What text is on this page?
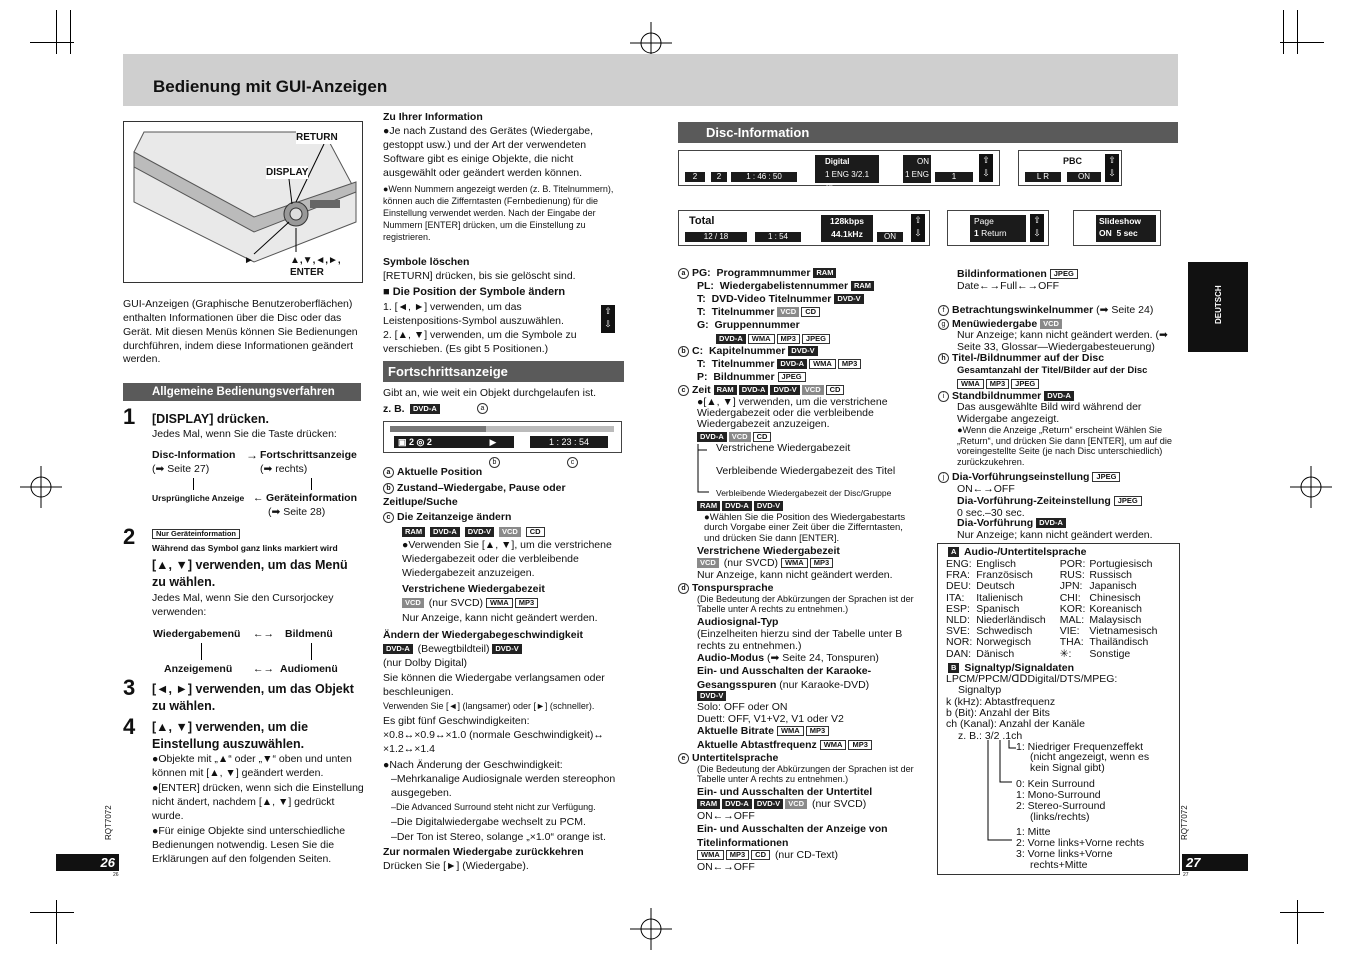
Bedienung mit GUI-Anzeigen
RETURN
DISPLAY
►	▲,▼,◄,►,
ENTER

GUI-Anzeigen (Graphische Benutzeroberflächen) enthalten Informationen über die Disc oder das Gerät. Mit diesen Menüs können Sie Bedienungen durchführen, indem diese Informationen geändert werden.

Allgemeine Bedienungsverfahren
1 [DISPLAY] drücken.

Jedes Mal, wenn Sie die Taste drücken:

Disc-Information → Fortschrittsanzeige
(➡ Seite 27)	(➡ rechts)
Ursprüngliche Anzeige ← Geräteinformation
(➡ Seite 28)
2	Nur Geräteinformation

Während das Symbol ganz links markiert wird

[▲, ▼] verwenden, um das Menü zu wählen.

Jedes Mal, wenn Sie den Cursorjockey verwenden:

Wiedergabemenü ←→ Bildmenü
Anzeigemenü ←→ Audiomenü
3 [◄, ►] verwenden, um das Objekt zu wählen.

4 [▲, ▼] verwenden, um die Einstellung auszuwählen.

●Objekte mit „▲“ oder „▼“ oben und unten können mit [▲, ▼] geändert werden.

●[ENTER] drücken, wenn sich die Einstellung nicht ändert, nachdem [▲, ▼] gedrückt wurde.

●Für einige Objekte sind unterschiedliche Bedienungen notwendig. Lesen Sie die Erklärungen auf den folgenden Seiten.

Zu Ihrer Information

●Je nach Zustand des Gerätes (Wiedergabe, gestoppt usw.) und der Art der verwendeten Software gibt es einige Objekte, die nicht ausgewählt oder geändert werden können.

●Wenn Nummern angezeigt werden (z. B. Titelnummern), können auch die Zifferntasten (Fernbedienung) für die Einstellung verwendet werden. Nach der Eingabe der Nummern [ENTER] drücken, um die Einstellung zu registrieren.

Symbole löschen

[RETURN] drücken, bis sie gelöscht sind.

■ Die Position der Symbole ändern

1. [◄, ►] verwenden, um das Leistenpositions-Symbol auszuwählen.

2. [▲, ▼] verwenden, um die Symbole zu verschieben. (Es gibt 5 Positionen.)

⇧
⇩
Fortschrittsanzeige

Gibt an, wie weit ein Objekt durchgelaufen ist.

z. B.	DVD-A	a
▣ 2 ◎ 2	▶	1 : 23 : 54
b	c

a Aktuelle Position

b Zustand–Wiedergabe, Pause oder Zeitlupe/Suche

c Die Zeitanzeige ändern

RAM DVD-A DVD-V VCD CD

●Verwenden Sie [▲, ▼], um die verstrichene Wiedergabezeit oder die verbleibende Wiedergabezeit anzuzeigen.

Verstrichene Wiedergabezeit

VCD (nur SVCD) WMA MP3

Nur Anzeige, kann nicht geändert werden.

Ändern der Wiedergabegeschwindigkeit

DVD-A (Bewegtbildteil) DVD-V

(nur Dolby Digital)

Sie können die Wiedergabe verlangsamen oder beschleunigen.

Verwenden Sie [◄] (langsamer) oder [►] (schneller).

Es gibt fünf Geschwindigkeiten:

×0.8↔×0.9↔×1.0 (normale Geschwindigkeit)↔ ×1.2↔×1.4

●Nach Änderung der Geschwindigkeit:

–Mehrkanalige Audiosignale werden stereophon ausgegeben.

–Die Advanced Surround steht nicht zur Verfügung.

–Die Digitalwiedergabe wechselt zu PCM.

–Der Ton ist Stereo, solange „×1.0“ orange ist.

Zur normalen Wiedergabe zurückkehren

Drücken Sie [►] (Wiedergabe).

Disc-Information
2	2	1 : 46 : 50
Digital
1 ENG 3/2.1 ch
ON
1 ENG	1
⇧
⇩
PBC
L R	ON
⇧
⇩
Total
12 / 18	1 : 54
128kbps
44.1kHz	ON
⇧
⇩
Page
1 Return
⇧
⇩
Slideshow
ON 5 sec

a PG: Programmnummer RAM

PL: Wiedergabelistennummer RAM

T: DVD-Video Titelnummer DVD-V

T: Titelnummer VCD CD

G: Gruppennummer

DVD-A WMA MP3 JPEG

b C: Kapitelnummer DVD-V

T: Titelnummer DVD-A WMA MP3

P: Bildnummer JPEG

c Zeit RAM DVD-A DVD-V VCD CD

●[▲, ▼] verwenden, um die verstrichene Wiedergabezeit oder die verbleibende Wiedergabezeit anzuzeigen.

DVD-A VCD CD

Verstrichene Wiedergabezeit
Verbleibende Wiedergabezeit des Titel
Verbleibende Wiedergabezeit der Disc/Gruppe

RAM DVD-A DVD-V

●Wählen Sie die Position des Wiedergabestarts durch Vorgabe einer Zeit über die Zifferntasten, und drücken Sie dann [ENTER].

Verstrichene Wiedergabezeit

VCD (nur SVCD) WMA MP3

Nur Anzeige, kann nicht geändert werden.

d Tonspursprache

(Die Bedeutung der Abkürzungen der Sprachen ist der Tabelle unter A rechts zu entnehmen.)

Audiosignal-Typ

(Einzelheiten hierzu sind der Tabelle unter B rechts zu entnehmen.)

Audio-Modus (➡ Seite 24, Tonspuren)

Ein- und Ausschalten der Karaoke-Gesangsspuren (nur Karaoke-DVD)

DVD-V

Solo: OFF oder ON

Duett: OFF, V1+V2, V1 oder V2

Aktuelle Bitrate WMA MP3

Aktuelle Abtastfrequenz WMA MP3

e Untertitelsprache

(Die Bedeutung der Abkürzungen der Sprachen ist der Tabelle unter A rechts zu entnehmen.)

Ein- und Ausschalten der Untertitel

RAM DVD-A DVD-V VCD (nur SVCD)

ON←→OFF

Ein- und Ausschalten der Anzeige von Titelinformationen

WMA MP3 CD (nur CD-Text)

ON←→OFF

Bildinformationen JPEG

Date←→Full←→OFF

f Betrachtungswinkelnummer (➡ Seite 24)

g Menüwiedergabe VCD

Nur Anzeige; kann nicht geändert werden. (➡ Seite 33, Glossar—Wiedergabesteuerung)

h Titel-/Bildnummer auf der Disc

Gesamtanzahl der Titel/Bilder auf der Disc

WMA MP3 JPEG

i Standbildnummer DVD-A

Das ausgewählte Bild wird während der Widergabe angezeigt.

●Wenn die Anzeige „Return“ erscheint Wählen Sie „Return“, und drücken Sie dann [ENTER], um auf die voreingestellte Seite (je nach Disc unterschiedlich) zurückzukehren.

j Dia-Vorführungseinstellung JPEG

ON←→OFF

Dia-Vorführung-Zeiteinstellung JPEG

0 sec.–30 sec.

Dia-Vorführung DVD-A

Nur Anzeige; kann nicht geändert werden.

A Audio-/Untertitelsprache

ENG:	Englisch	POR:	Portugiesisch
FRA:	Französisch	RUS:	Russisch
DEU:	Deutsch	JPN:	Japanisch
ITA:	Italienisch	CHI:	Chinesisch
ESP:	Spanisch	KOR:	Koreanisch
NLD:	Niederländisch	MAL:	Malaysisch
SVE:	Schwedisch	VIE:	Vietnamesisch
NOR:	Norwegisch	THA:	Thailändisch
DAN:	Dänisch	✳:	Sonstige

B Signaltyp/Signaldaten

LPCM/PPCM/ᗡᗞDigital/DTS/MPEG:

Signaltyp

k (kHz): Abtastfrequenz

b (Bit): Anzahl der Bits

ch (Kanal): Anzahl der Kanäle

z. B.: 3/2 .1ch

1: Niedriger Frequenzeffekt

(nicht angezeigt, wenn es kein Signal gibt)

0: Kein Surround

1: Mono-Surround

2: Stereo-Surround

(links/rechts)

1: Mitte

2: Vorne links+Vorne rechts

3: Vorne links+Vorne

rechts+Mitte

DEUTSCH
RQT7072	RQT7072
26	27
26	27
